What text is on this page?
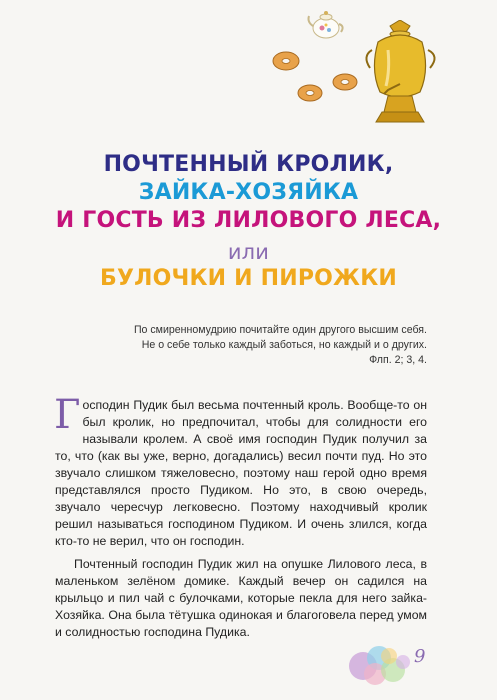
ПОЧТЕННЫЙ КРОЛИК,
ЗАЙКА-ХОЗЯЙКА
И ГОСТЬ ИЗ ЛИЛОВОГО ЛЕСА,
или
БУЛОЧКИ И ПИРОЖКИ
По смиренномудрию почитайте один другого высшим себя.
Не о себе только каждый заботься, но каждый и о других.
Флп. 2; 3, 4.

Господин Пудик был весьма почтенный кроль. Вообще-то он был кролик, но предпочитал, чтобы для солидности его называли кролем. А своё имя господин Пудик получил за то, что (как вы уже, верно, догадались) весил почти пуд. Но это звучало слишком тяжеловесно, поэтому наш герой одно время представлялся просто Пудиком. Но это, в свою очередь, звучало чересчур легковесно. Поэтому находчивый кролик решил называться господином Пудиком. И очень злился, когда кто-то не верил, что он господин.

Почтенный господин Пудик жил на опушке Лилового леса, в маленьком зелёном домике. Каждый вечер он садился на крыльцо и пил чай с булочками, которые пекла для него зайка-Хозяйка. Она была тётушка одинокая и благоговела перед умом и солидностью господина Пудика.

9
